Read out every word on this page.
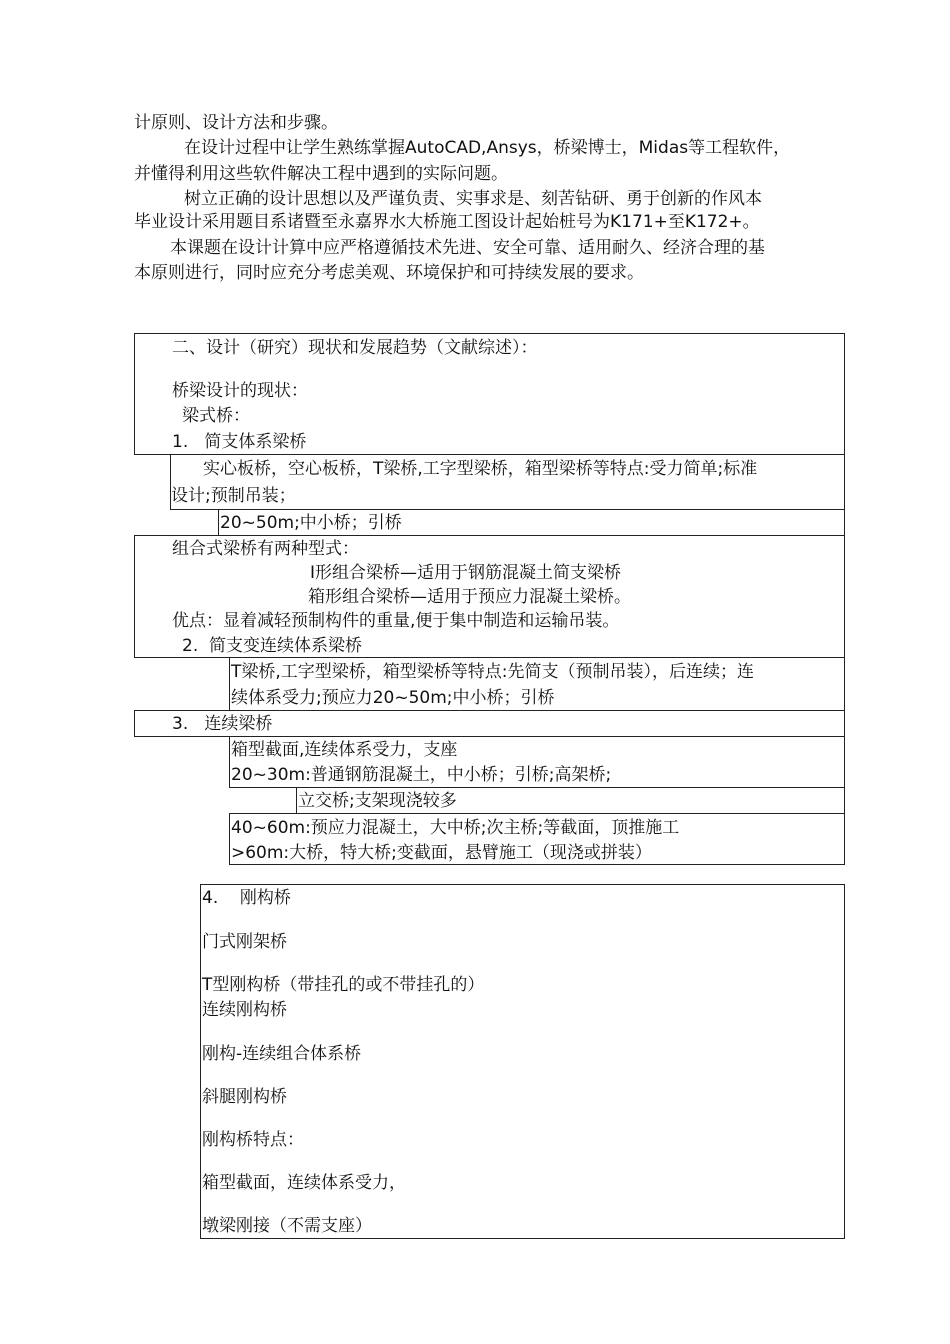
计原则、设计方法和步骤。
在设计过程中让学生熟练掌握AutoCAD,Ansys，桥梁博士，Midas等工程软件，
并懂得利用这些软件解决工程中遇到的实际问题。
树立正确的设计思想以及严谨负责、实事求是、刻苦钻研、勇于创新的作风本
毕业设计采用题目系诸暨至永嘉界水大桥施工图设计起始桩号为K171+至K172+。
本课题在设计计算中应严格遵循技术先进、安全可靠、适用耐久、经济合理的基
本原则进行，同时应充分考虑美观、环境保护和可持续发展的要求。
二、设计（研究）现状和发展趋势（文献综述）：
桥梁设计的现状：
梁式桥：
1.   简支体系梁桥
实心板桥，空心板桥，T梁桥,工字型梁桥，箱型梁桥等特点:受力简单;标准
设计;预制吊装；
20~50m;中小桥；引桥
组合式梁桥有两种型式：
I形组合梁桥—适用于钢筋混凝土简支梁桥
箱形组合梁桥—适用于预应力混凝土梁桥。
优点：显着减轻预制构件的重量,便于集中制造和运输吊装。
2.  简支变连续体系梁桥
T梁桥,工字型梁桥，箱型梁桥等特点:先简支（预制吊装），后连续；连
续体系受力;预应力20~50m;中小桥；引桥
3.   连续梁桥
箱型截面,连续体系受力，支座
20~30m:普通钢筋混凝土，中小桥；引桥;高架桥;
立交桥;支架现浇较多
40~60m:预应力混凝土，大中桥;次主桥;等截面，顶推施工
>60m:大桥，特大桥;变截面，悬臂施工（现浇或拼装）
4.    刚构桥
门式刚架桥
T型刚构桥（带挂孔的或不带挂孔的）
连续刚构桥
刚构-连续组合体系桥
斜腿刚构桥
刚构桥特点：
箱型截面，连续体系受力，
墩梁刚接（不需支座）
